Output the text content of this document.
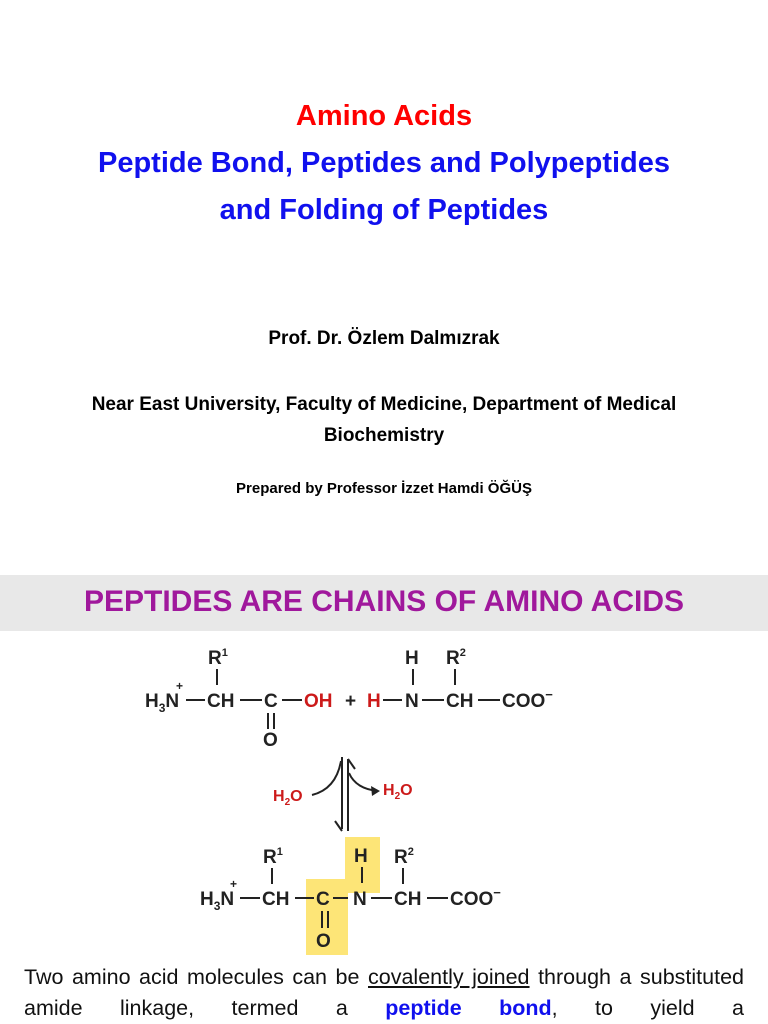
Amino Acids
Peptide Bond, Peptides and Polypeptides
and Folding of Peptides
Prof. Dr. Özlem Dalmızrak
Near East University, Faculty of Medicine, Department of Medical Biochemistry
Prepared by Professor İzzet Hamdi ÖĞÜŞ
PEPTIDES ARE CHAINS OF AMINO ACIDS
$R^1$
$H_3N$
+
CH C OH
O
+ H
H
N
$R^2$
CH COO−
$H_2O$	$H_2O$
$R^1$
$H_3N$
+
CH C
O
H
N
$R^2$
CH COO−
Two amino acid molecules can be covalently joined through a substituted amide linkage, termed a peptide bond, to yield a
